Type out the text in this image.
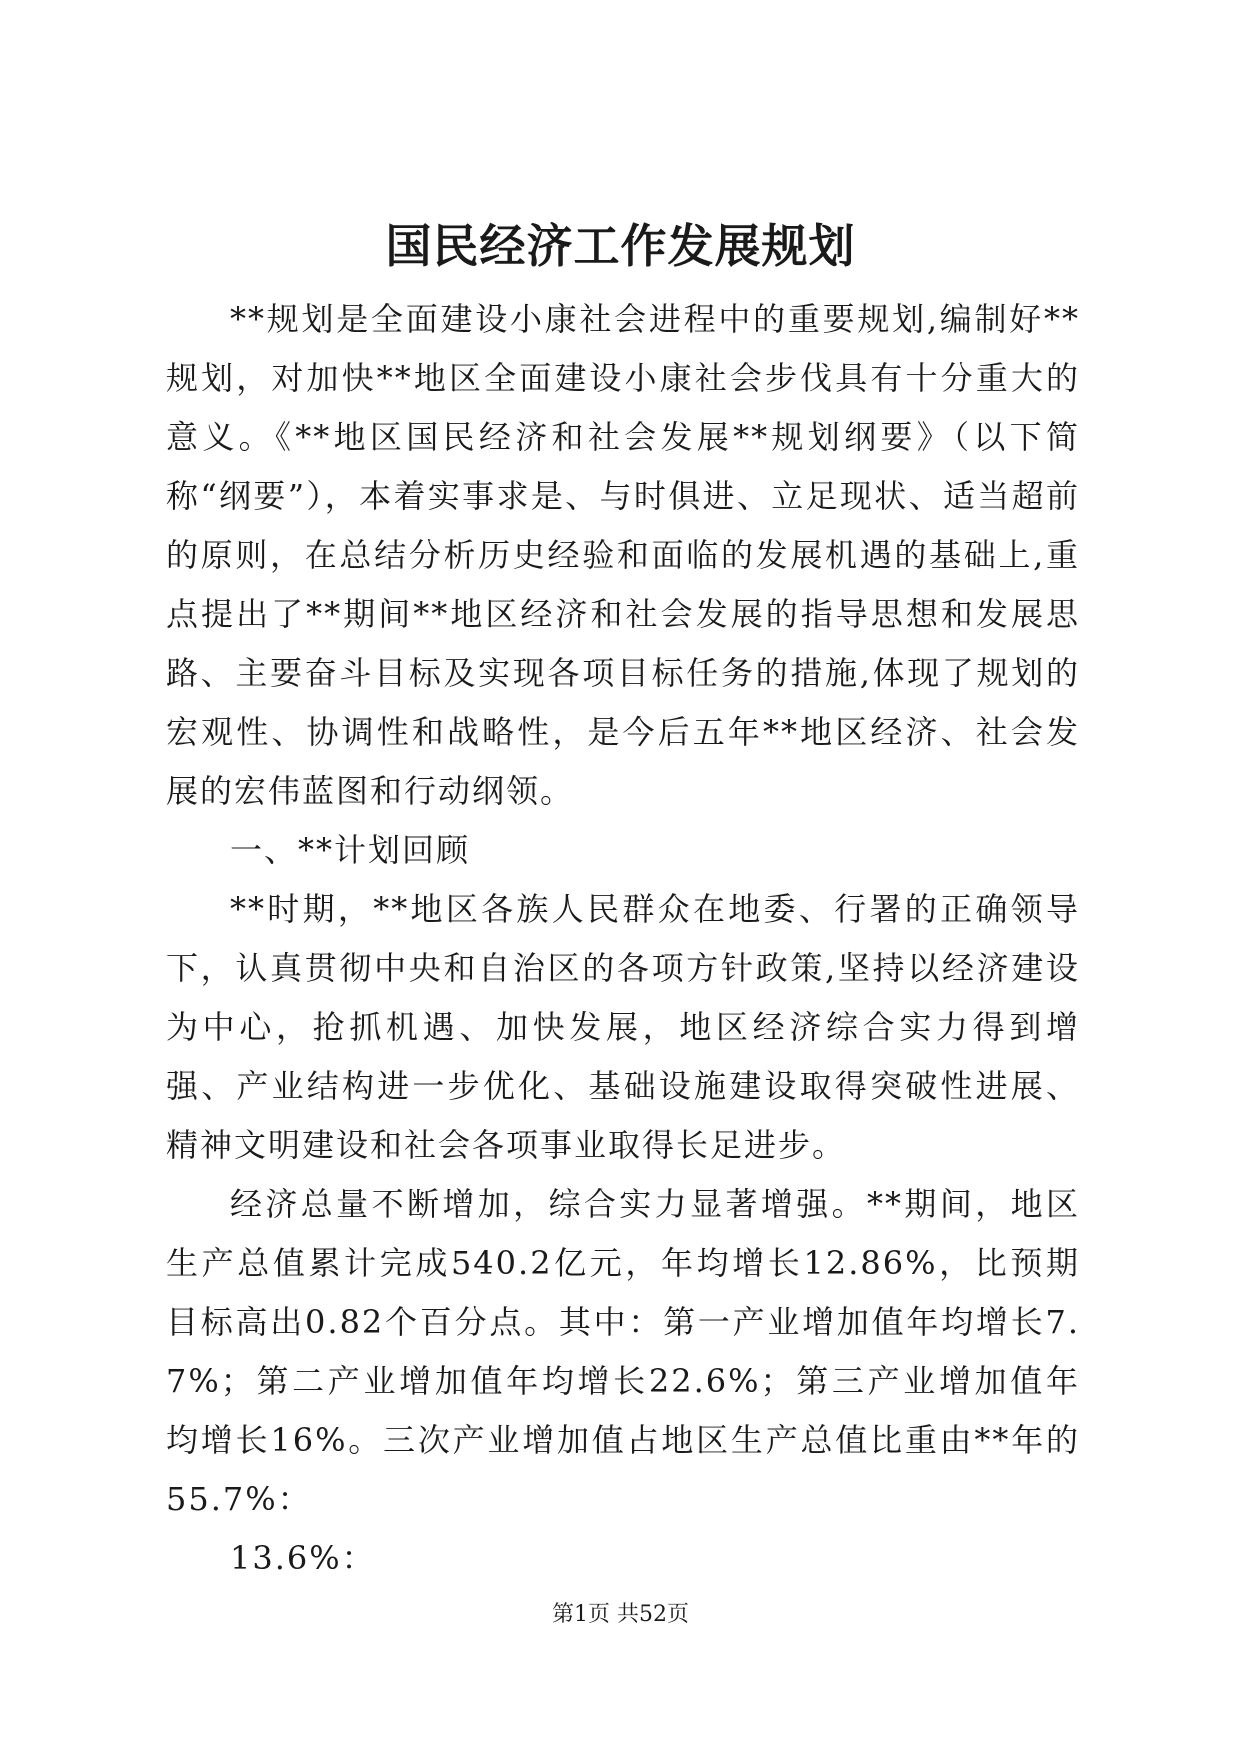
国民经济工作发展规划

**规划是全面建设小康社会进程中的重要规划,编制好**规划，对加快**地区全面建设小康社会步伐具有十分重大的意义。《**地区国民经济和社会发展**规划纲要》（以下简称“纲要”），本着实事求是、与时俱进、立足现状、适当超前的原则，在总结分析历史经验和面临的发展机遇的基础上,重点提出了**期间**地区经济和社会发展的指导思想和发展思路、主要奋斗目标及实现各项目标任务的措施,体现了规划的宏观性、协调性和战略性，是今后五年**地区经济、社会发展的宏伟蓝图和行动纲领。

一、**计划回顾

**时期，**地区各族人民群众在地委、行署的正确领导下，认真贯彻中央和自治区的各项方针政策,坚持以经济建设为中心，抢抓机遇、加快发展，地区经济综合实力得到增强、产业结构进一步优化、基础设施建设取得突破性进展、精神文明建设和社会各项事业取得长足进步。

经济总量不断增加，综合实力显著增强。**期间，地区生产总值累计完成540.2亿元，年均增长12.86%，比预期目标高出0.82个百分点。其中：第一产业增加值年均增长7.7%；第二产业增加值年均增长22.6%；第三产业增加值年均增长16%。三次产业增加值占地区生产总值比重由**年的55.7%：

13.6%：

第1页 共52页
